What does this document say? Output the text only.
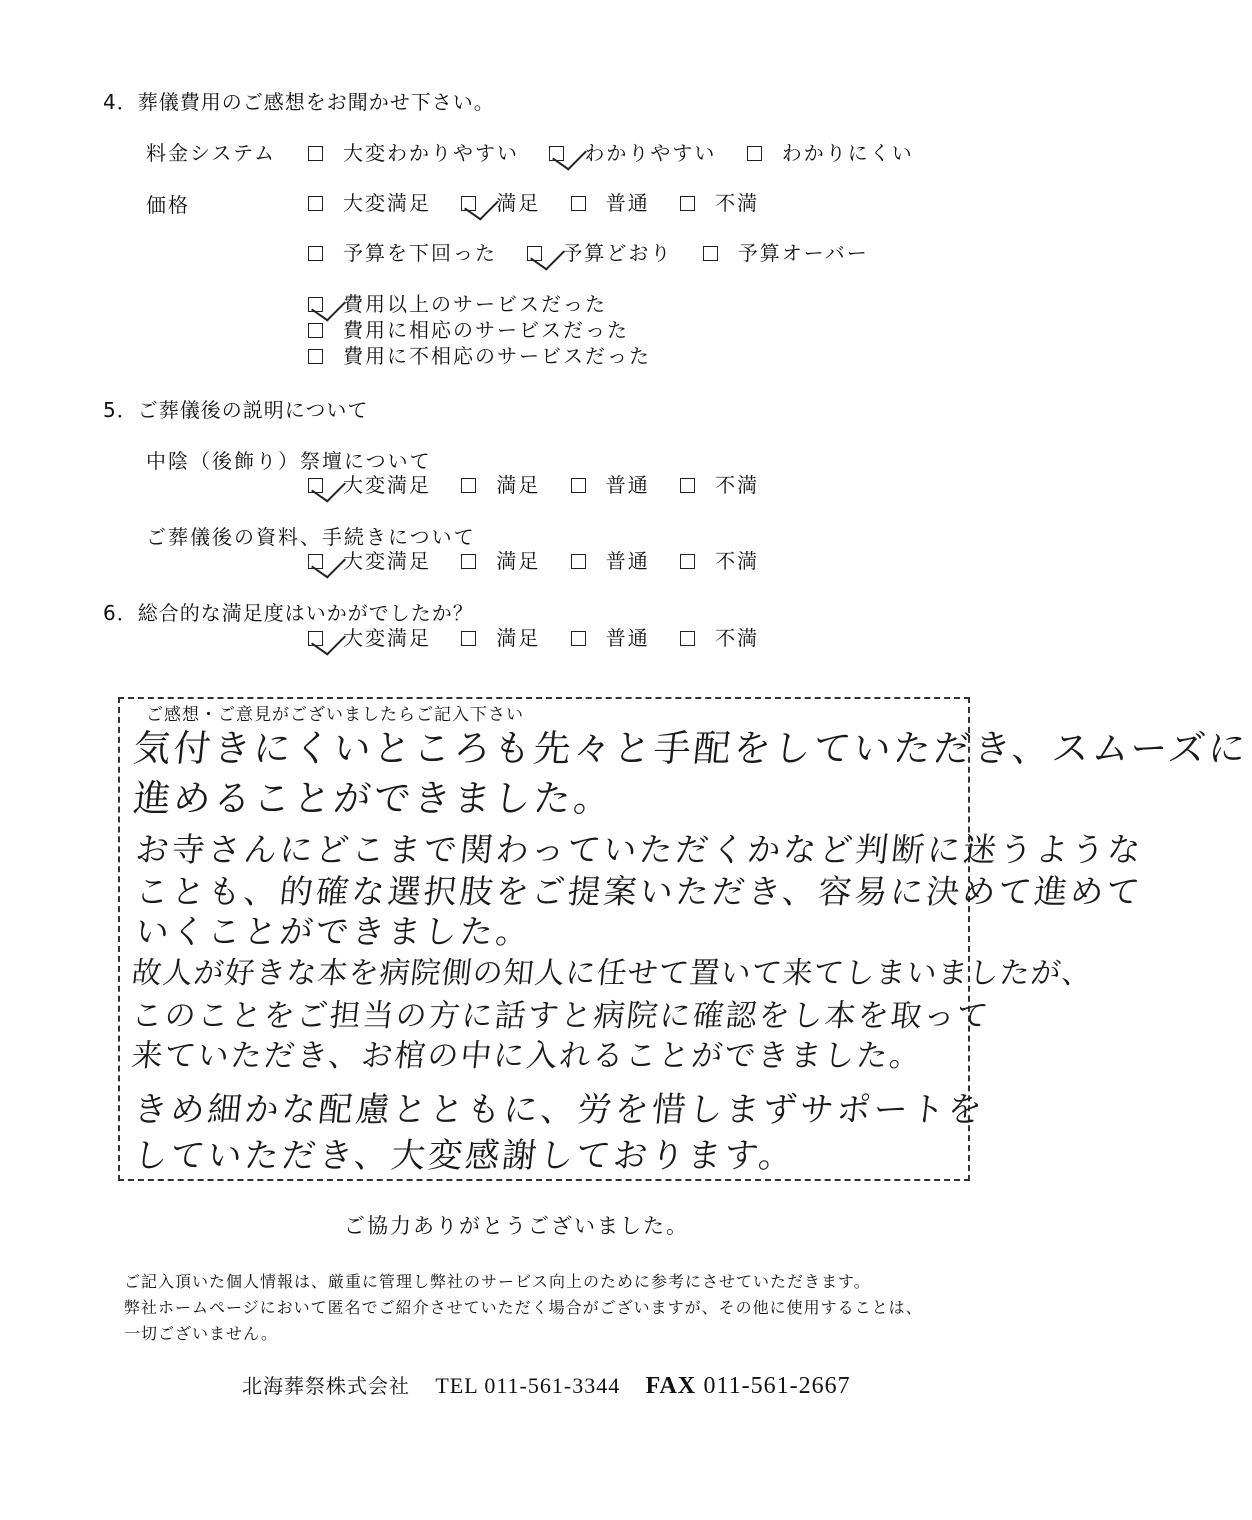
4．葬儀費用のご感想をお聞かせ下さい。
料金システム	大変わかりやすい	わかりやすい	わかりにくい
価格	大変満足	満足	普通	不満
予算を下回った	予算どおり	予算オーバー
費用以上のサービスだった
費用に相応のサービスだった
費用に不相応のサービスだった
5．ご葬儀後の説明について
中陰（後飾り）祭壇について
大変満足	満足	普通	不満
ご葬儀後の資料、手続きについて
大変満足	満足	普通	不満
6．総合的な満足度はいかがでしたか？
大変満足	満足	普通	不満
ご感想・ご意見がございましたらご記入下さい
気付きにくいところも先々と手配をしていただき、スムーズに
進めることができました。
お寺さんにどこまで関わっていただくかなど判断に迷うような
ことも、的確な選択肢をご提案いただき、容易に決めて進めて
いくことができました。
故人が好きな本を病院側の知人に任せて置いて来てしまいましたが、
このことをご担当の方に話すと病院に確認をし本を取って
来ていただき、お棺の中に入れることができました。
きめ細かな配慮とともに、労を惜しまずサポートを
していただき、大変感謝しております。
ご協力ありがとうございました。
ご記入頂いた個人情報は、厳重に管理し弊社のサービス向上のために参考にさせていただきます。
弊社ホームページにおいて匿名でご紹介させていただく場合がございますが、その他に使用することは、
一切ございません。
北海葬祭株式会社 TEL 011-561-3344 FAX 011-561-2667
